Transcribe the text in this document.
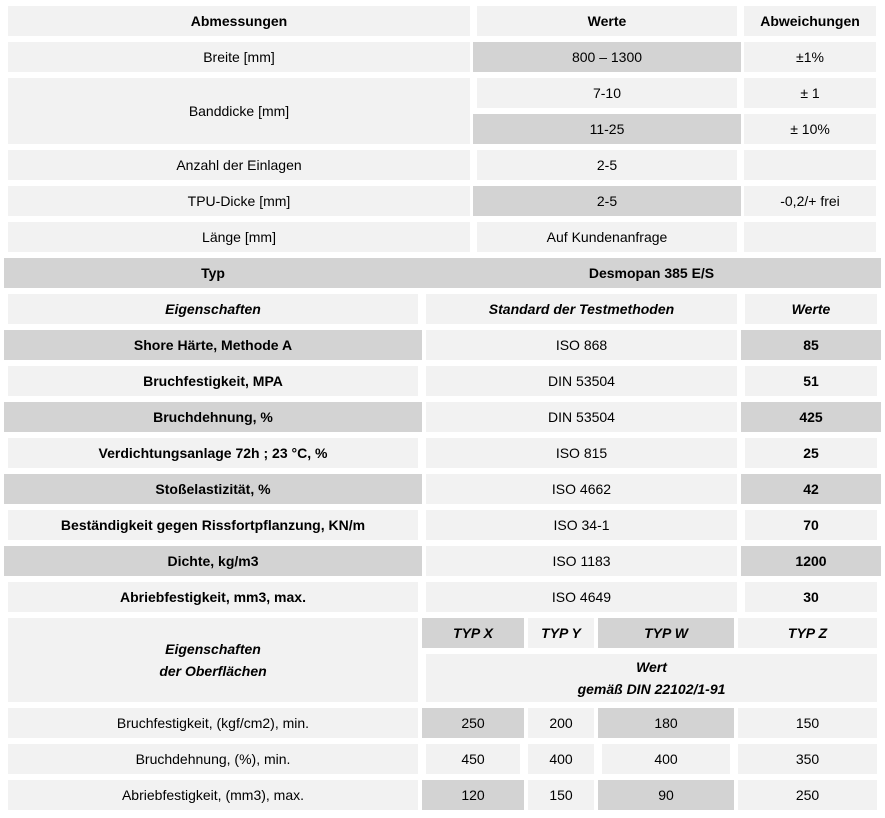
Abmessungen	Werte	Abweichungen
Breite [mm]	800 – 1300	±1%
Banddicke [mm]
7-10	± 1
11-25	± 10%
Anzahl der Einlagen	2-5
TPU-Dicke [mm]	2-5	-0,2/+ frei
Länge [mm]	Auf Kundenanfrage
Typ	Desmopan 385 E/S
Eigenschaften	Standard der Testmethoden	Werte
Shore Härte, Methode A	ISO 868	85
Bruchfestigkeit, MPA	DIN 53504	51
Bruchdehnung, %	DIN 53504	425
Verdichtungsanlage 72h ; 23 °C, %	ISO 815	25
Stoßelastizität, %	ISO 4662	42
Beständigkeit gegen Rissfortpflanzung, KN/m	ISO 34-1	70
Dichte, kg/m3	ISO 1183	1200
Abriebfestigkeit, mm3, max.	ISO 4649	30
Eigenschaften
der Oberflächen
TYP X	TYP Y	TYP W	TYP Z
Wert
gemäß DIN 22102/1-91
Bruchfestigkeit, (kgf/cm2), min.	250	200	180	150
Bruchdehnung, (%), min.	450	400	400	350
Abriebfestigkeit, (mm3), max.	120	150	90	250
